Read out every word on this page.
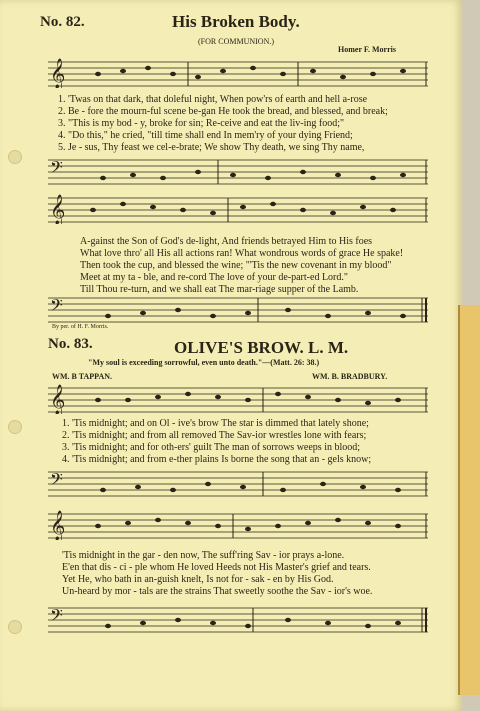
No. 82.	His Broken Body.
(FOR COMMUNION.)
Homer F. Morris
𝄞
1. 'Twas on that dark, that doleful night, When pow'rs of earth and hell a-rose
2. Be - fore the mourn-ful scene be-gan He took the bread, and blessed, and break;
3. "This is my bod - y, broke for sin; Re-ceive and eat the liv-ing food;"
4. "Do this," he cried, "till time shall end In mem'ry of your dying Friend;
5. Je - sus, Thy feast we cel-e-brate; We show Thy death, we sing Thy name,
𝄢
𝄞
A-gainst the Son of God's de-light, And friends betrayed Him to His foes
What love thro' all His all actions ran! What wondrous words of grace He spake!
Then took the cup, and blessed the wine; "'Tis the new covenant in my blood"
Meet at my ta - ble, and re-cord The love of your de-part-ed Lord."
Till Thou re-turn, and we shall eat The mar-riage supper of the Lamb.
𝄢
By per. of H. F. Morris.
No. 83.	OLIVE'S BROW. L. M.
"My soul is exceeding sorrowful, even unto death."—(Matt. 26: 38.)
WM. B TAPPAN.	WM. B. BRADBURY.
𝄞
1. 'Tis midnight; and on Ol - ive's brow The star is dimmed that lately shone;
2. 'Tis midnight; and from all removed The Sav-ior wrestles lone with fears;
3. 'Tis midnight; and for oth-ers' guilt The man of sorrows weeps in blood;
4. 'Tis midnight; and from e-ther plains Is borne the song that an - gels know;
𝄢
𝄞
'Tis midnight in the gar - den now, The suff'ring Sav - ior prays a-lone.
E'en that dis - ci - ple whom He loved Heeds not His Master's grief and tears.
Yet He, who bath in an-guish knelt, Is not for - sak - en by His God.
Un-heard by mor - tals are the strains That sweetly soothe the Sav - ior's woe.
𝄢
